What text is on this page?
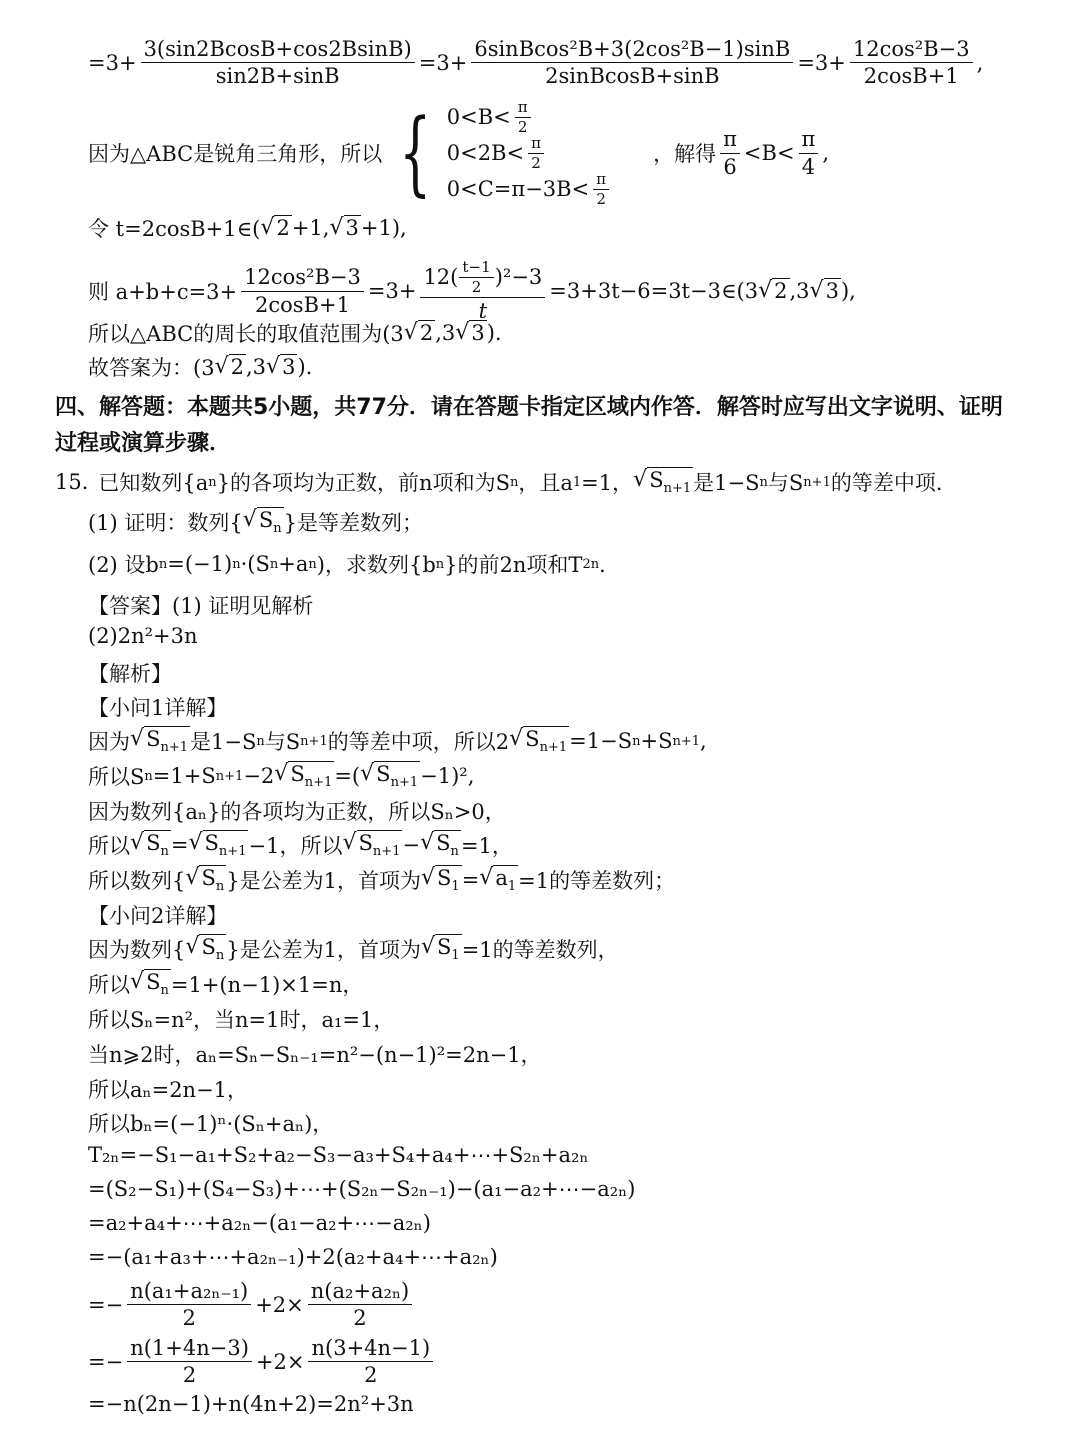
$=3+ \frac{3(\sin 2BcosB+\cos 2BsinB)}{\sin 2B+\sin B} =3+ \frac{\text{6sinBcos²B+3(2cos²B−1)sinB}}{\text{2sinBcosB+sinB}} =3+ \frac{\text{12cos²B−3}}{2\cos B+1}$ ,
因为△ABC是锐角三角形，所以 { $0<B< \frac{\pi}{2}$
$0<2B< \frac{\pi}{2}$
$0<C=\pi-3B< \frac{\pi}{2}$
，解得 $\frac{\pi}{6} <B< \frac{\pi}{4}$ ,
令 t=2cosB+1∈( √ 2 +1, √ 3 +1),
则 $a+b+c=3+ \frac{\text{12cos²B−3}}{2\cos B+1} =3+ \frac{12( \frac{t-1}{2} )^2-3}{t}$ =3+3t−6=3t−3∈(3 √ 2 ,3 √ 3 ),
所以△ABC的周长的取值范围为(3 √ 2 ,3 √ 3 ).
故答案为：(3 √ 2 ,3 √ 3 ).
四、解答题：本题共5小题，共77分．请在答题卡指定区域内作答．解答时应写出文字说明、证明
过程或演算步骤．
15. 已知数列{a n }的各项均为正数，前n项和为S n ，且a 1 =1， √ $S_{n+1}$ 是1−S n 与S n+1 的等差中项．
(1) 证明：数列{ √ $S_n$ }是等差数列；
(2) 设b n =(−1) n ·(S n +a n )，求数列{b n }的前2n项和T 2n ．
【答案】(1) 证明见解析
(2)2n²+3n
【解析】
【小问1详解】
因为 √ $S_{n+1}$ 是1−S n 与S n+1 的等差中项，所以2 √ $S_{n+1} =1-S$ n +S n+1 ,
所以S n =1+S n+1 −2 √ $S_{n+1}$ =( √ $S_{n+1} -1)^2$,
因为数列{aₙ}的各项均为正数，所以Sₙ>0，
所以 √ $S_n$ = √ $S_{n+1} -1$，所以 √ $S_{n+1}$ − √ $S_n =1$，
所以数列{ √ $S_n$ }是公差为1，首项为 √ $S_1$ = √ $a_1 =1$的等差数列；
【小问2详解】
因为数列{ √ $S_n$ }是公差为1，首项为 √ $S_1 =1$的等差数列，
所以 √ $S_n =1+(n-1)\times 1=n$，
所以Sₙ=n²，当n=1时，a₁=1，
当n⩾2时，aₙ=Sₙ−Sₙ₋₁=n²−(n−1)²=2n−1，
所以aₙ=2n−1，
所以bₙ=(−1)ⁿ·(Sₙ+aₙ)，
T₂ₙ=−S₁−a₁+S₂+a₂−S₃−a₃+S₄+a₄+⋯+S₂ₙ+a₂ₙ
=(S₂−S₁)+(S₄−S₃)+⋯+(S₂ₙ−S₂ₙ₋₁)−(a₁−a₂+⋯−a₂ₙ)
=a₂+a₄+⋯+a₂ₙ−(a₁−a₂+⋯−a₂ₙ)
=−(a₁+a₃+⋯+a₂ₙ₋₁)+2(a₂+a₄+⋯+a₂ₙ)
=− $\frac{\text{n(a₁+a₂ₙ₋₁)}}{2} +2\times \frac{\text{n(a₂+a₂ₙ)}}{2}$
=− $\frac{n(1+4n-3)}{2} +2\times \frac{n(3+4n-1)}{2}$
=−n(2n−1)+n(4n+2)=2n²+3n
